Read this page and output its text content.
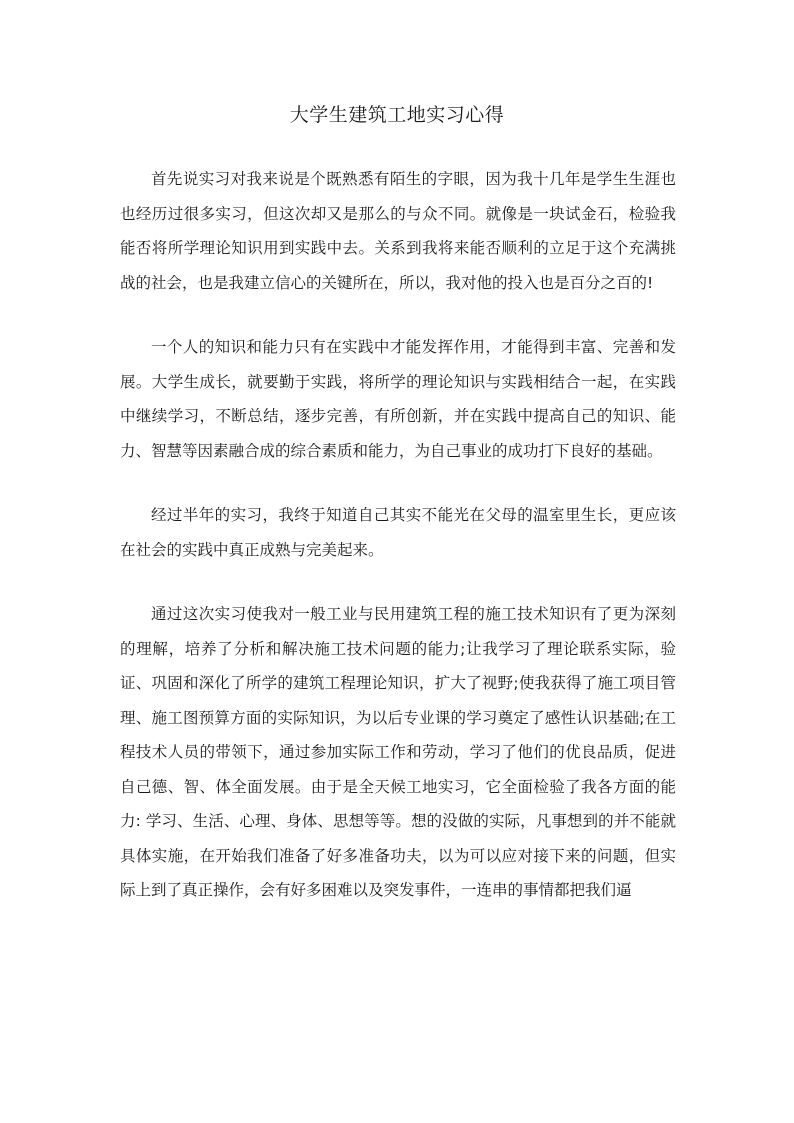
大学生建筑工地实习心得

首先说实习对我来说是个既熟悉有陌生的字眼，因为我十几年是学生生涯也也经历过很多实习，但这次却又是那么的与众不同。就像是一块试金石，检验我能否将所学理论知识用到实践中去。关系到我将来能否顺利的立足于这个充满挑战的社会，也是我建立信心的关键所在，所以，我对他的投入也是百分之百的!

一个人的知识和能力只有在实践中才能发挥作用，才能得到丰富、完善和发展。大学生成长，就要勤于实践，将所学的理论知识与实践相结合一起，在实践中继续学习，不断总结，逐步完善，有所创新，并在实践中提高自己的知识、能力、智慧等因素融合成的综合素质和能力，为自己事业的成功打下良好的基础。

经过半年的实习，我终于知道自己其实不能光在父母的温室里生长，更应该在社会的实践中真正成熟与完美起来。

通过这次实习使我对一般工业与民用建筑工程的施工技术知识有了更为深刻的理解，培养了分析和解决施工技术问题的能力;让我学习了理论联系实际，验证、巩固和深化了所学的建筑工程理论知识，扩大了视野;使我获得了施工项目管理、施工图预算方面的实际知识，为以后专业课的学习奠定了感性认识基础;在工程技术人员的带领下，通过参加实际工作和劳动，学习了他们的优良品质，促进自己德、智、体全面发展。由于是全天候工地实习，它全面检验了我各方面的能力: 学习、生活、心理、身体、思想等等。想的没做的实际，凡事想到的并不能就具体实施，在开始我们准备了好多准备功夫，以为可以应对接下来的问题，但实际上到了真正操作，会有好多困难以及突发事件，一连串的事情都把我们逼
